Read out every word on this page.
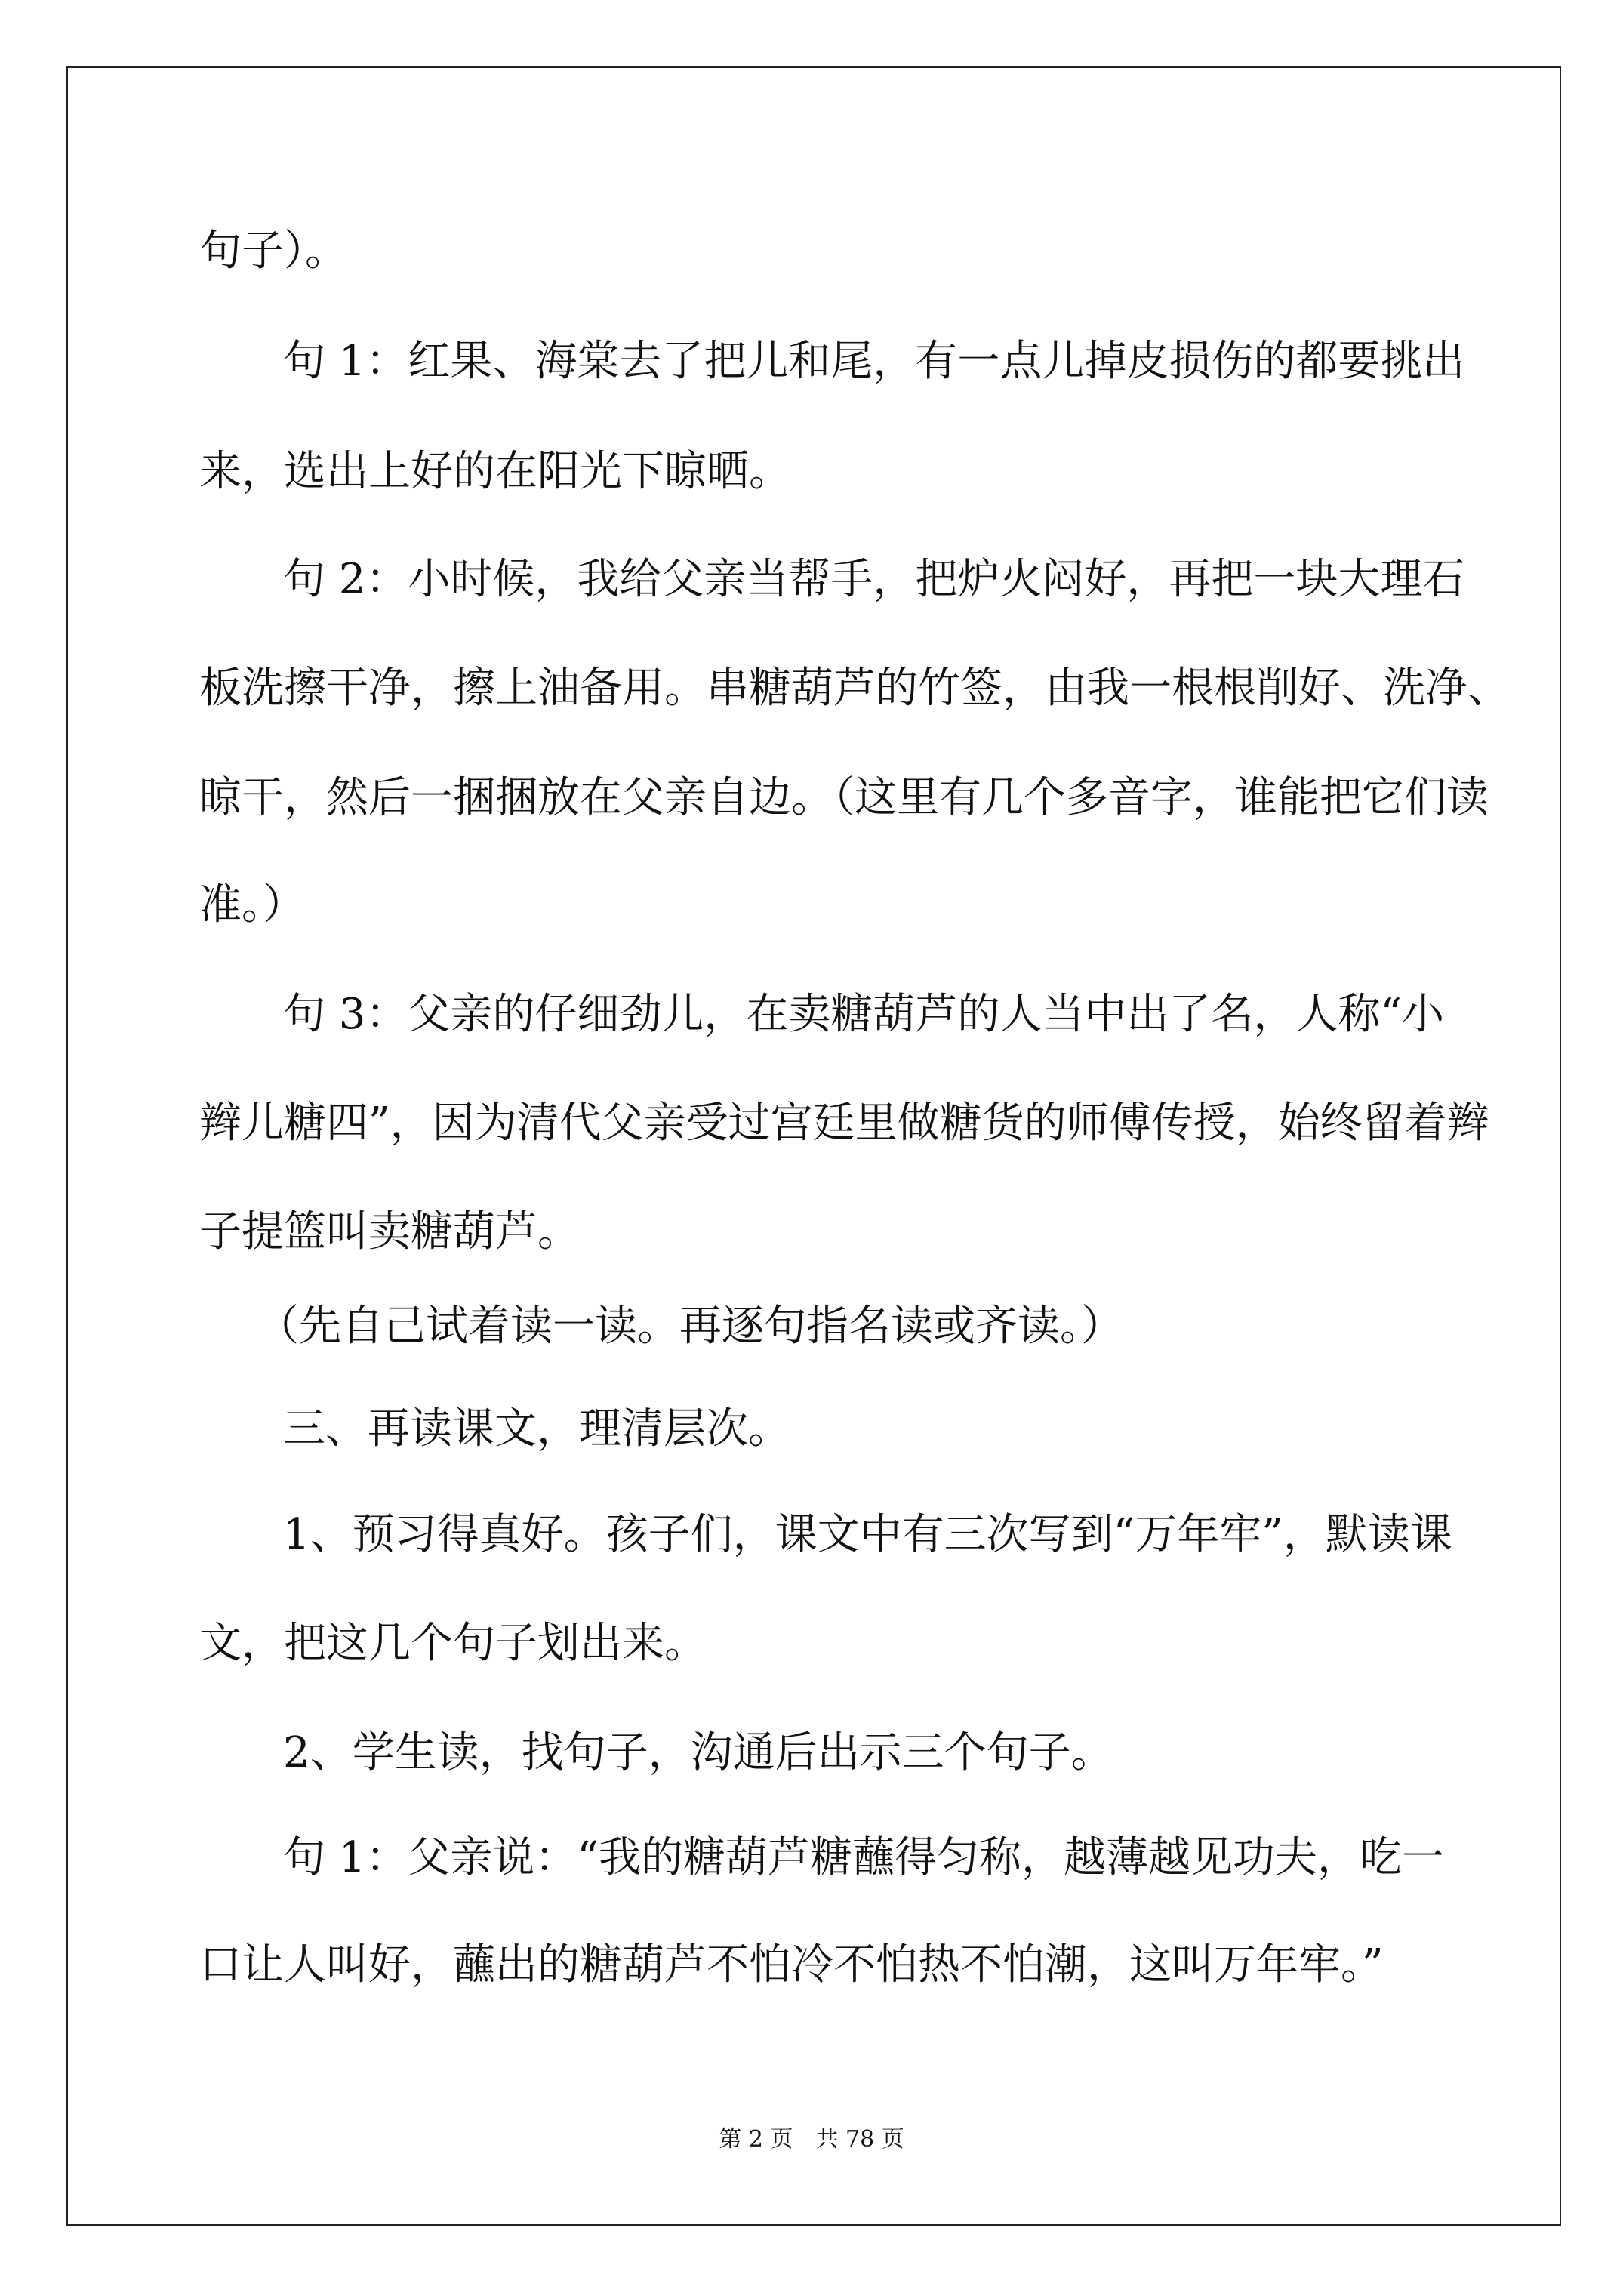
句子）。
句 1：红果、海棠去了把儿和尾，有一点儿掉皮损伤的都要挑出
来，选出上好的在阳光下晾晒。
句 2：小时候，我给父亲当帮手，把炉火闷好，再把一块大理石
板洗擦干净，擦上油备用。串糖葫芦的竹签，由我一根根削好、洗净、
晾干，然后一捆捆放在父亲自边。（这里有几个多音字，谁能把它们读
准。）
句 3：父亲的仔细劲儿，在卖糖葫芦的人当中出了名，人称“小
辫儿糖四”，因为清代父亲受过宫廷里做糖货的师傅传授，始终留着辫
子提篮叫卖糖葫芦。
（先自己试着读一读。再逐句指名读或齐读。）
三、再读课文，理清层次。
1、预习得真好。孩子们，课文中有三次写到“万年牢”，默读课
文，把这几个句子划出来。
2、学生读，找句子，沟通后出示三个句子。
句 1：父亲说：“我的糖葫芦糖蘸得匀称，越薄越见功夫，吃一
口让人叫好，蘸出的糖葫芦不怕冷不怕热不怕潮，这叫万年牢。”
第 2 页　共 78 页
